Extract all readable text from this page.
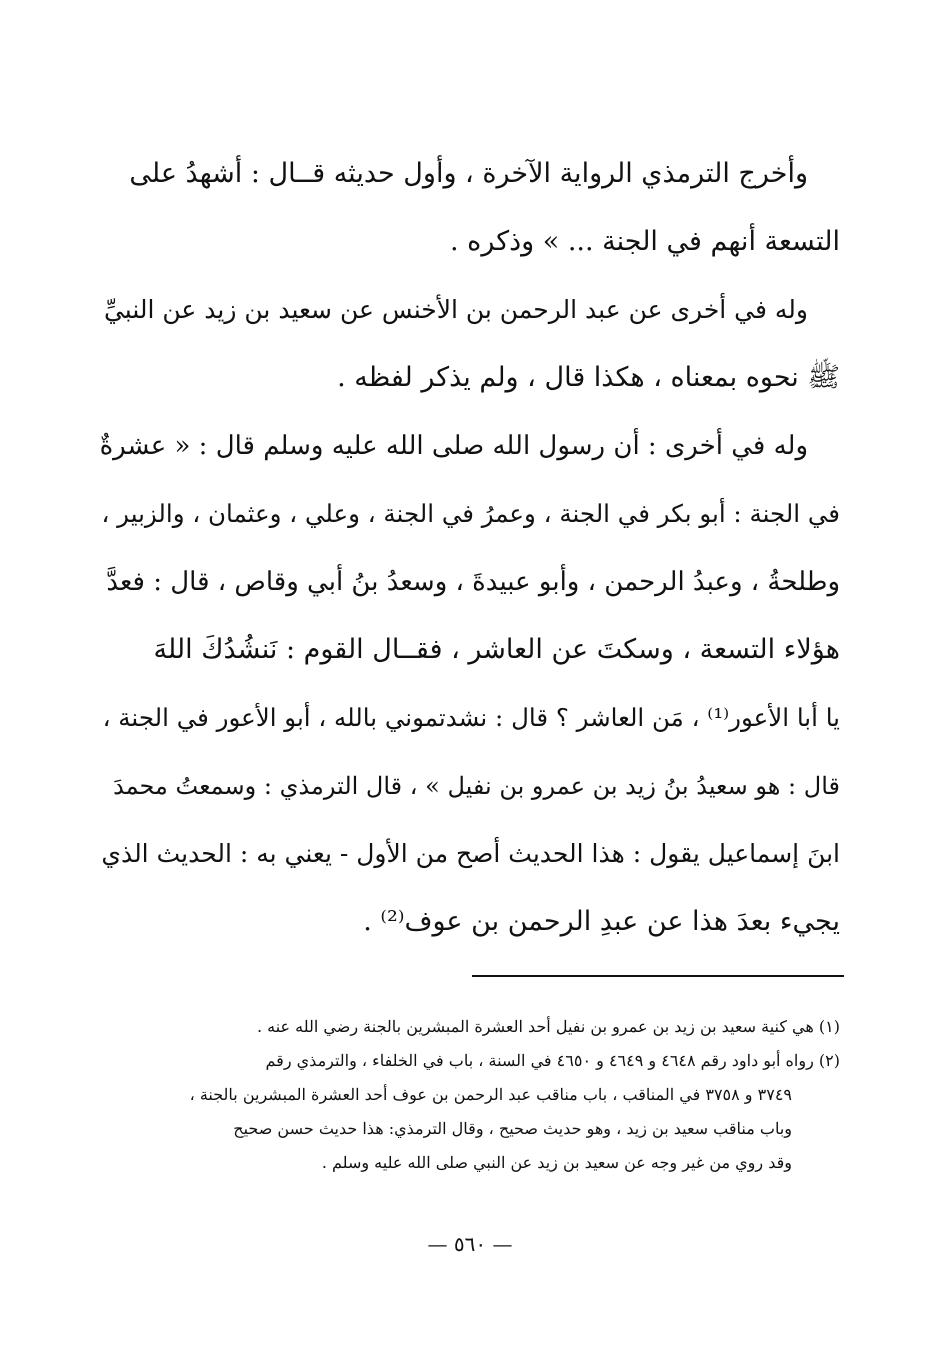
وأخرج الترمذي الرواية الآخرة ، وأول حديثه قــال : أشهدُ على
التسعة أنهم في الجنة ... » وذكره .
وله في أخرى عن عبد الرحمن بن الأخنس عن سعيد بن زيد عن النبيِّ
ﷺ نحوه بمعناه ، هكذا قال ، ولم يذكر لفظه .
وله في أخرى : أن رسول الله صلى الله عليه وسلم قال : « عشرةٌ
في الجنة : أبو بكر في الجنة ، وعمرُ في الجنة ، وعلي ، وعثمان ، والزبير ،
وطلحةُ ، وعبدُ الرحمن ، وأبو عبيدةَ ، وسعدُ بنُ أبي وقاص ، قال : فعدَّ
هؤلاء التسعة ، وسكتَ عن العاشر ، فقــال القوم : نَنشُدُكَ اللهَ
يا أبا الأعور⁽¹⁾ ، مَن العاشر ؟ قال : نشدتموني بالله ، أبو الأعور في الجنة ،
قال : هو سعيدُ بنُ زيد بن عمرو بن نفيل » ، قال الترمذي : وسمعتُ محمدَ
ابنَ إسماعيل يقول : هذا الحديث أصح من الأول - يعني به : الحديث الذي
يجيء بعدَ هذا عن عبدِ الرحمن بن عوف⁽²⁾ .
(١) هي كنية سعيد بن زيد بن عمرو بن نفيل أحد العشرة المبشرين بالجنة رضي الله عنه .
(٢) رواه أبو داود رقم ٤٦٤٨ و ٤٦٤٩ و ٤٦٥٠ في السنة ، باب في الخلفاء ، والترمذي رقم
٣٧٤٩ و ٣٧٥٨ في المناقب ، باب مناقب عبد الرحمن بن عوف أحد العشرة المبشرين بالجنة ،
وباب مناقب سعيد بن زيد ، وهو حديث صحيح ، وقال الترمذي: هذا حديث حسن صحيح
وقد روي من غير وجه عن سعيد بن زيد عن النبي صلى الله عليه وسلم .
— ٥٦٠ —
